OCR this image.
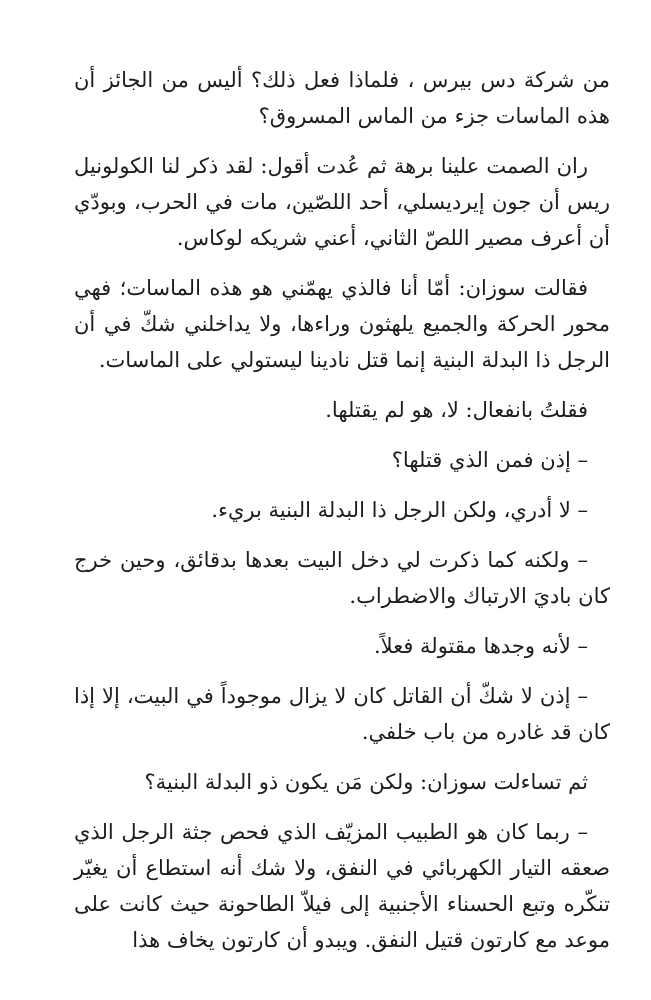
من شركة دس بيرس ، فلماذا فعل ذلك؟ أليس من الجائز أن هذه الماسات جزء من الماس المسروق؟

ران الصمت علينا برهة ثم عُدت أقول: لقد ذكر لنا الكولونيل ريس أن جون إيرديسلي، أحد اللصّين، مات في الحرب، وبودّي أن أعرف مصير اللصّ الثاني، أعني شريكه لوكاس.

فقالت سوزان: أمّا أنا فالذي يهمّني هو هذه الماسات؛ فهي محور الحركة والجميع يلهثون وراءها، ولا يداخلني شكّ في أن الرجل ذا البدلة البنية إنما قتل نادينا ليستولي على الماسات.

فقلتُ بانفعال: لا، هو لم يقتلها.

– إذن فمن الذي قتلها؟

– لا أدري، ولكن الرجل ذا البدلة البنية بريء.

– ولكنه كما ذكرت لي دخل البيت بعدها بدقائق، وحين خرج كان باديَ الارتباك والاضطراب.

– لأنه وجدها مقتولة فعلاً.

– إذن لا شكّ أن القاتل كان لا يزال موجوداً في البيت، إلا إذا كان قد غادره من باب خلفي.

ثم تساءلت سوزان: ولكن مَن يكون ذو البدلة البنية؟

– ربما كان هو الطبيب المزيّف الذي فحص جثة الرجل الذي صعقه التيار الكهربائي في النفق، ولا شك أنه استطاع أن يغيّر تنكّره وتبع الحسناء الأجنبية إلى فيلاّ الطاحونة حيث كانت على موعد مع كارتون قتيل النفق. ويبدو أن كارتون يخاف هذا
